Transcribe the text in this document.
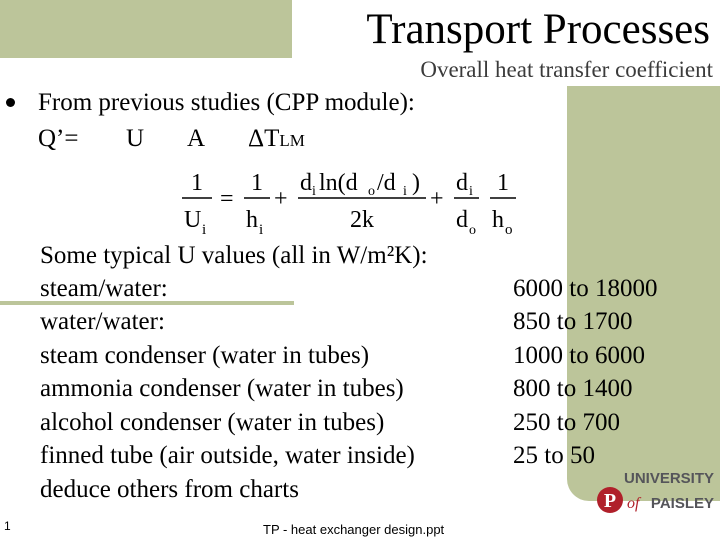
Transport Processes
Overall heat transfer coefficient
From previous studies (CPP module):
Q’= U A ΔTLM
1
U i
=
1
h i
+
d i ln(d o /d i )
2k
+
d i
d o
1
h o
Some typical U values (all in W/m²K):
steam/water:	6000 to 18000
water/water:	850 to 1700
steam condenser (water in tubes)	1000 to 6000
ammonia condenser (water in tubes)	800 to 1400
alcohol condenser (water in tubes)	250 to 700
finned tube (air outside, water inside)	25 to 50
deduce others from charts	UNIVERSITY
P of PAISLEY
1	TP - heat exchanger design.ppt
